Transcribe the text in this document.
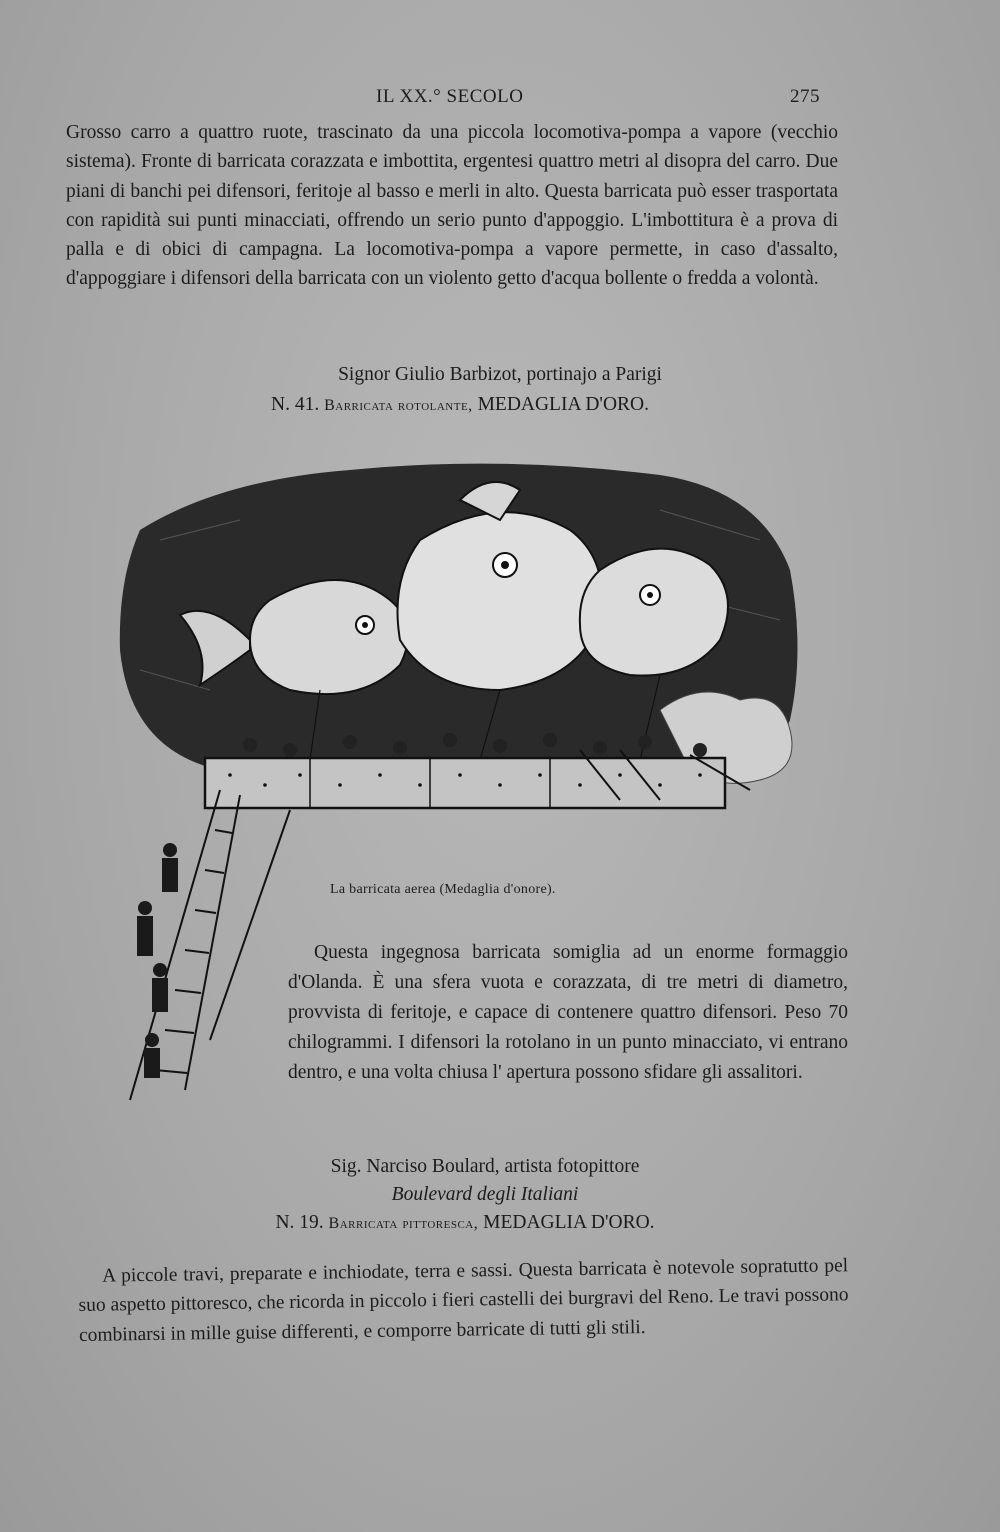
IL XX.° SECOLO	275

Grosso carro a quattro ruote, trascinato da una piccola locomotiva-pompa a vapore (vecchio sistema). Fronte di barricata corazzata e imbottita, ergentesi quattro metri al disopra del carro. Due piani di banchi pei difensori, feritoje al basso e merli in alto. Questa barricata può esser trasportata con rapidità sui punti minacciati, offrendo un serio punto d'appoggio. L'imbottitura è a prova di palla e di obici di campagna. La locomotiva-pompa a vapore permette, in caso d'assalto, d'appoggiare i difensori della barricata con un violento getto d'acqua bollente o fredda a volontà.

Signor Giulio Barbizot, portinajo a Parigi
N. 41. Barricata rotolante, MEDAGLIA D'ORO.
La barricata aerea (Medaglia d'onore).

Questa ingegnosa barricata somiglia ad un enorme formaggio d'Olanda. È una sfera vuota e corazzata, di tre metri di diametro, provvista di feritoje, e capace di contenere quattro difensori. Peso 70 chilogrammi. I difensori la rotolano in un punto minacciato, vi entrano dentro, e una volta chiusa l' apertura possono sfidare gli assalitori.

Sig. Narciso Boulard, artista fotopittore
Boulevard degli Italiani
N. 19. Barricata pittoresca, MEDAGLIA D'ORO.

A piccole travi, preparate e inchiodate, terra e sassi. Questa barricata è notevole sopratutto pel suo aspetto pittoresco, che ricorda in piccolo i fieri castelli dei burgravi del Reno. Le travi possono combinarsi in mille guise differenti, e comporre barricate di tutti gli stili.
